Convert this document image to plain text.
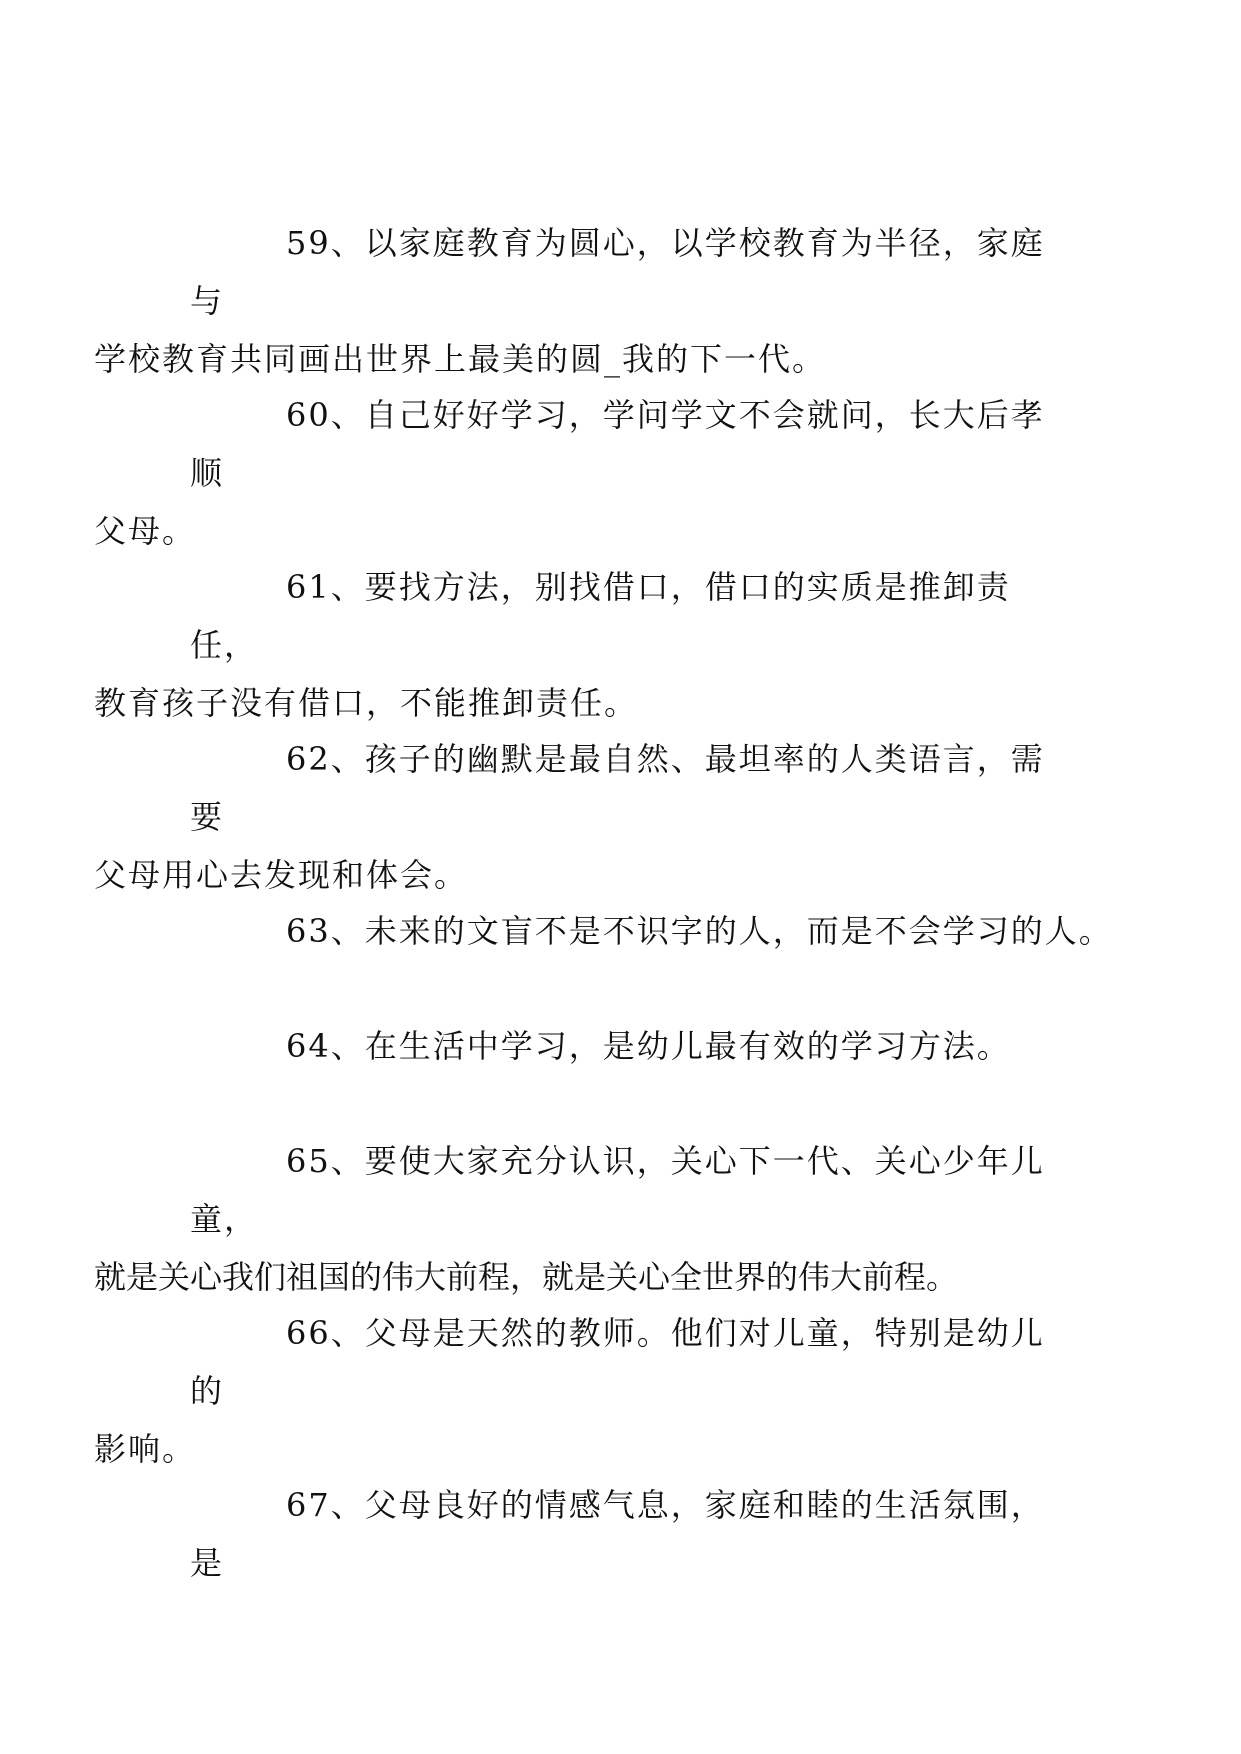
59、以家庭教育为圆心，以学校教育为半径，家庭与
学校教育共同画出世界上最美的圆_我的下一代。

60、自己好好学习，学问学文不会就问，长大后孝顺
父母。

61、要找方法，别找借口，借口的实质是推卸责任，
教育孩子没有借口，不能推卸责任。

62、孩子的幽默是最自然、最坦率的人类语言，需要
父母用心去发现和体会。

63、未来的文盲不是不识字的人，而是不会学习的人。

64、在生活中学习，是幼儿最有效的学习方法。

65、要使大家充分认识，关心下一代、关心少年儿童，
就是关心我们祖国的伟大前程，就是关心全世界的伟大前程。

66、父母是天然的教师。他们对儿童，特别是幼儿的
影响。

67、父母良好的情感气息，家庭和睦的生活氛围，是
